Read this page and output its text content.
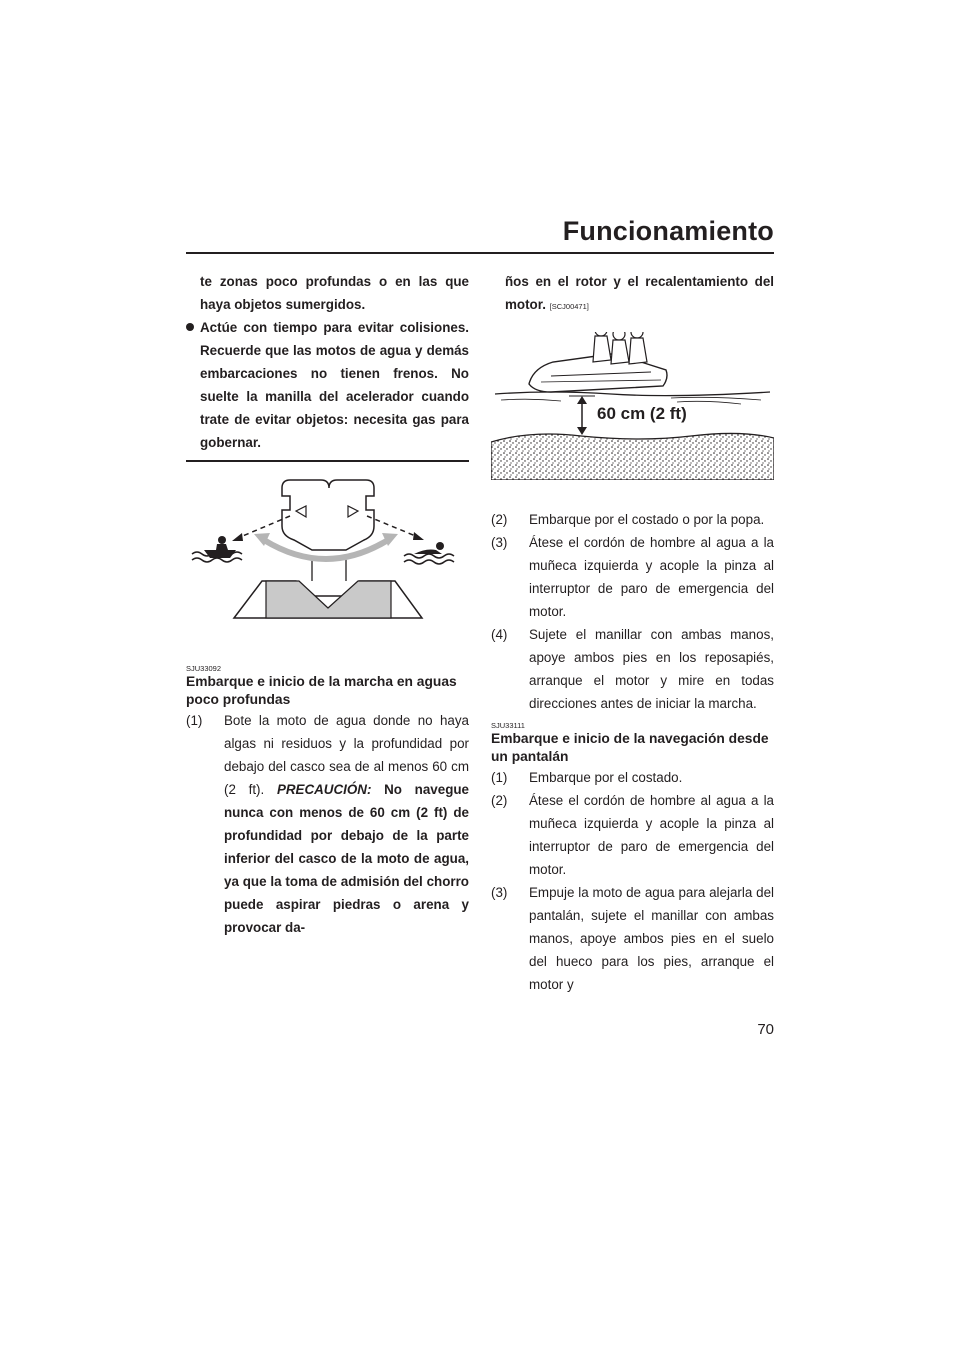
Funcionamiento
te zonas poco profundas o en las que haya objetos sumergidos.
Actúe con tiempo para evitar colisiones. Recuerde que las motos de agua y demás embarcaciones no tienen frenos. No suelte la manilla del acelerador cuando trate de evitar objetos: necesita gas para gobernar.
SJU33092
Embarque e inicio de la marcha en aguas poco profundas
(1) Bote la moto de agua donde no haya algas ni residuos y la profundidad por debajo del casco sea de al menos 60 cm (2 ft). PRECAUCIÓN: No navegue nunca con menos de 60 cm (2 ft) de profundidad por debajo de la parte inferior del casco de la moto de agua, ya que la toma de admisión del chorro puede aspirar piedras o arena y provocar da-
ños en el rotor y el recalentamiento del motor. [SCJ00471]
60 cm (2 ft)
(2) Embarque por el costado o por la popa.
(3) Átese el cordón de hombre al agua a la muñeca izquierda y acople la pinza al interruptor de paro de emergencia del motor.
(4) Sujete el manillar con ambas manos, apoye ambos pies en los reposapiés, arranque el motor y mire en todas direcciones antes de iniciar la marcha.
SJU33111
Embarque e inicio de la navegación desde un pantalán
(1) Embarque por el costado.
(2) Átese el cordón de hombre al agua a la muñeca izquierda y acople la pinza al interruptor de paro de emergencia del motor.
(3) Empuje la moto de agua para alejarla del pantalán, sujete el manillar con ambas manos, apoye ambos pies en el suelo del hueco para los pies, arranque el motor y
70
